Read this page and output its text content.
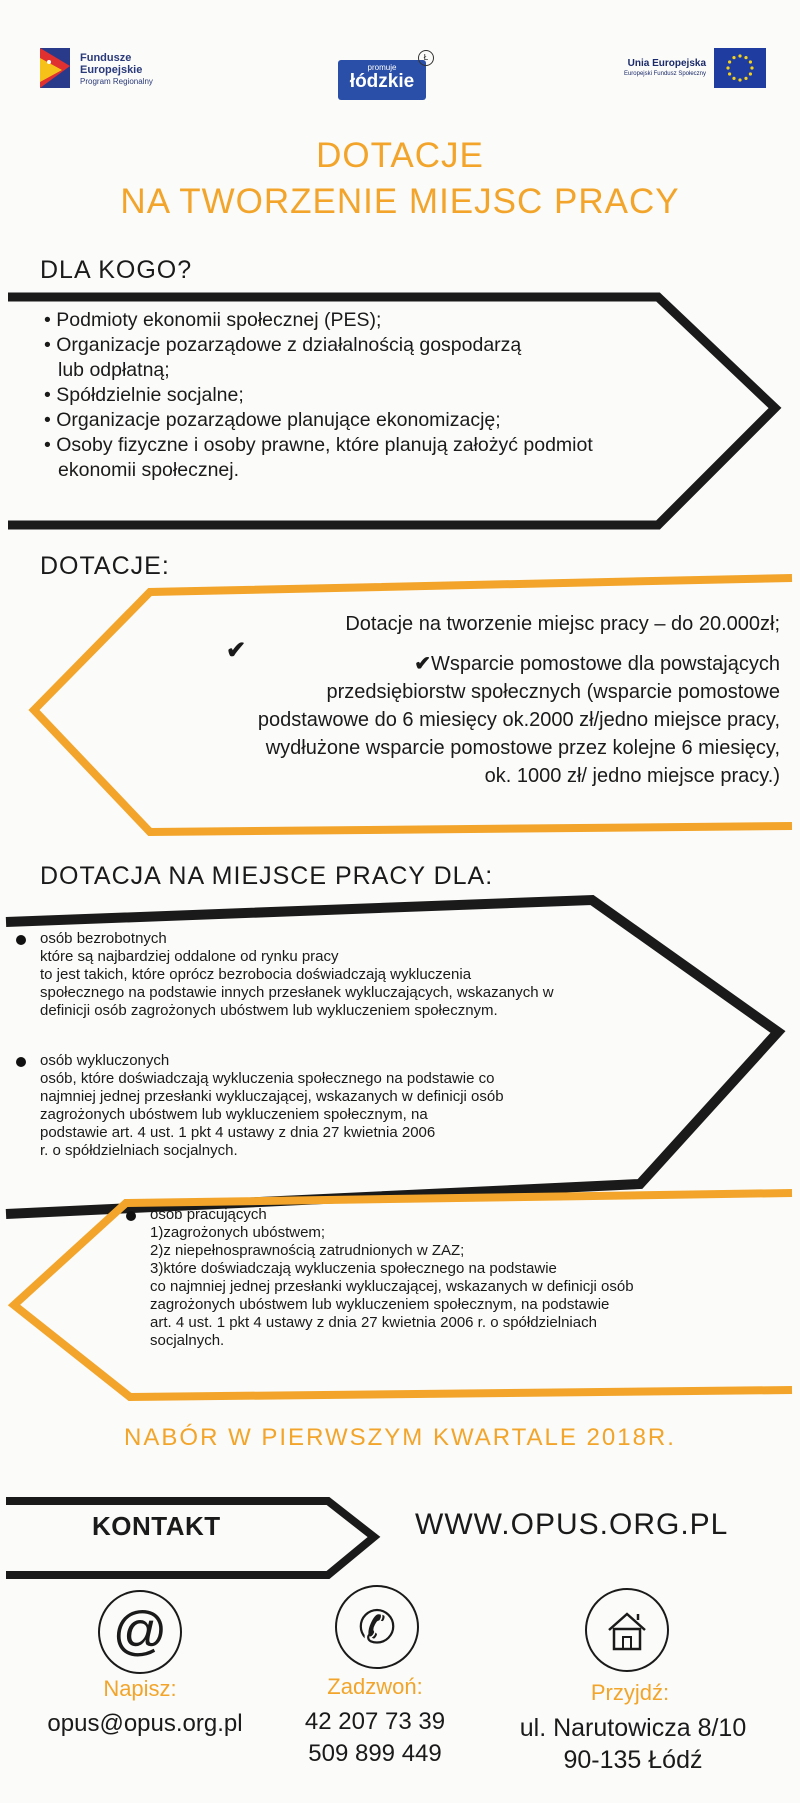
Fundusze
Europejskie
Program Regionalny
promuje
łódzkie
Ł
Unia Europejska
Europejski Fundusz Społeczny
DOTACJE
NA TWORZENIE MIEJSC PRACY
DLA KOGO?
• Podmioty ekonomii społecznej (PES);
• Organizacje pozarządowe z działalnością gospodarzą
lub odpłatną;
• Spółdzielnie socjalne;
• Organizacje pozarządowe planujące ekonomizację;
• Osoby fizyczne i osoby prawne, które planują założyć podmiot
ekonomii społecznej.
DOTACJE:
Dotacje na tworzenie miejsc pracy – do 20.000zł;
✔Wsparcie pomostowe dla powstających
przedsiębiorstw społecznych (wsparcie pomostowe
podstawowe do 6 miesięcy ok.2000 zł/jedno miejsce pracy,
wydłużone wsparcie pomostowe przez kolejne 6 miesięcy,
ok. 1000 zł/ jedno miejsce pracy.)
✔
DOTACJA NA MIEJSCE PRACY DLA:
osób bezrobotnych
które są najbardziej oddalone od rynku pracy
to jest takich, które oprócz bezrobocia doświadczają wykluczenia
społecznego na podstawie innych przesłanek wykluczających, wskazanych w
definicji osób zagrożonych ubóstwem lub wykluczeniem społecznym.
osób wykluczonych
osób, które doświadczają wykluczenia społecznego na podstawie co
najmniej jednej przesłanki wykluczającej, wskazanych w definicji osób
zagrożonych ubóstwem lub wykluczeniem społecznym, na
podstawie art. 4 ust. 1 pkt 4 ustawy z dnia 27 kwietnia 2006
r. o spółdzielniach socjalnych.
osób pracujących
1)zagrożonych ubóstwem;
2)z niepełnosprawnością zatrudnionych w ZAZ;
3)które doświadczają wykluczenia społecznego na podstawie
co najmniej jednej przesłanki wykluczającej, wskazanych w definicji osób
zagrożonych ubóstwem lub wykluczeniem społecznym, na podstawie
art. 4 ust. 1 pkt 4 ustawy z dnia 27 kwietnia 2006 r. o spółdzielniach
socjalnych.
NABÓR W PIERWSZYM KWARTALE 2018R.
KONTAKT	WWW.OPUS.ORG.PL
@	✆
Napisz:
opus@opus.org.pl
Zadzwoń:
42 207 73 39
509 899 449
Przyjdź:
ul. Narutowicza 8/10
90-135 Łódź
